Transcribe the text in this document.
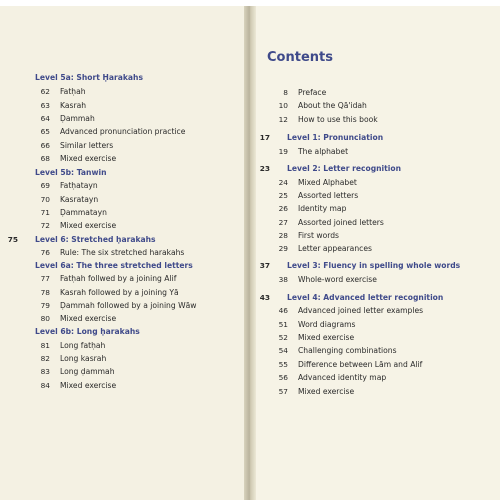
Level 5a: Short Ḥarakahs
62 Fatḥah
63 Kasrah
64 Ḍammah
65 Advanced pronunciation practice
66 Similar letters
68 Mixed exercise
Level 5b: Tanwin
69 Fatḥatayn
70 Kasratayn
71 Ḍammatayn
72 Mixed exercise
75 Level 6: Stretched ḥarakahs
76 Rule: The six stretched harakahs
Level 6a: The three stretched letters
77 Fatḥah follwed by a joining Alif
78 Kasrah followed by a joining Yā
79 Ḍammah followed by a joining Wāw
80 Mixed exercise
Level 6b: Long ḥarakahs
81 Long fatḥah
82 Long kasrah
83 Long ḍammah
84 Mixed exercise
8 Preface
10 About the Qā'idah
12 How to use this book
17 Level 1: Pronunciation
19 The alphabet
23 Level 2: Letter recognition
24 Mixed Alphabet
25 Assorted letters
26 Identity map
27 Assorted joined letters
28 First words
29 Letter appearances
37 Level 3: Fluency in spelling whole words
38 Whole-word exercise
43 Level 4: Advanced letter recognition
46 Advanced joined letter examples
51 Word diagrams
52 Mixed exercise
54 Challenging combinations
55 Difference between Lām and Alif
56 Advanced identity map
57 Mixed exercise
Contents
